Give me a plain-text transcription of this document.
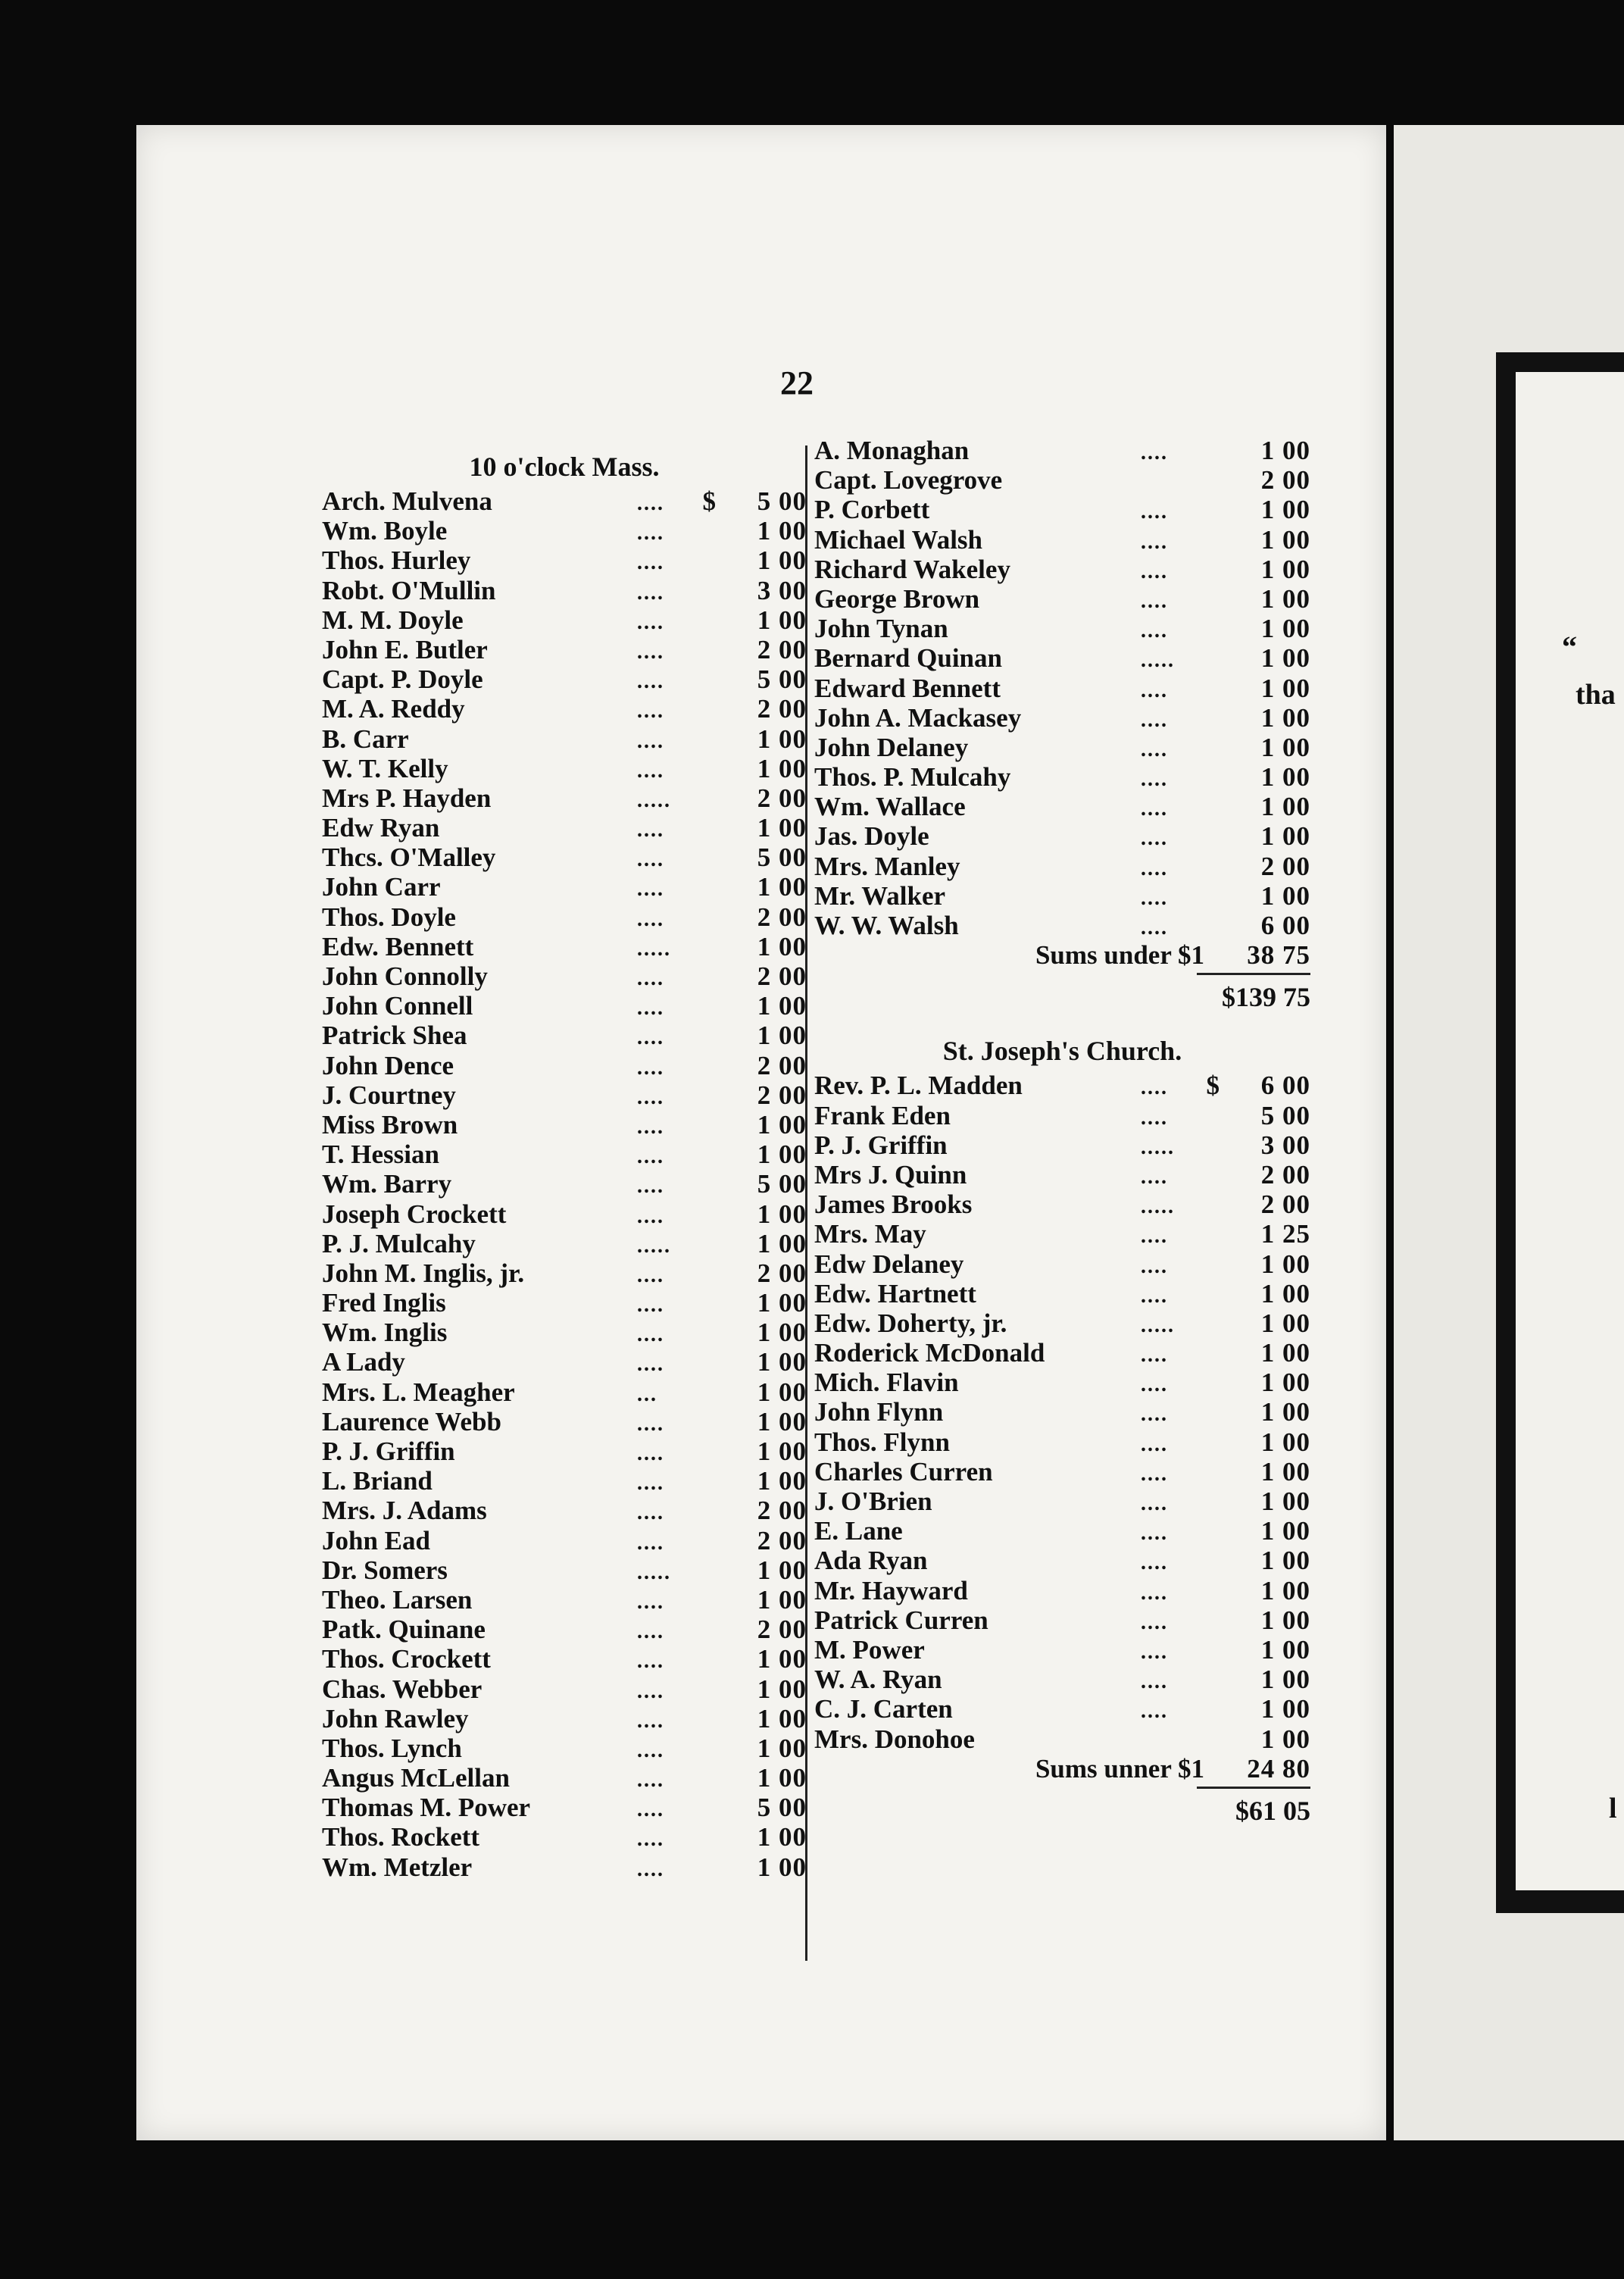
“
tha
l
22
10 o'clock Mass.
Arch. Mulvena	....	$	5 00
Wm. Boyle	....	1 00
Thos. Hurley	....	1 00
Robt. O'Mullin	....	3 00
M. M. Doyle	....	1 00
John E. Butler	....	2 00
Capt. P. Doyle	....	5 00
M. A. Reddy	....	2 00
B. Carr	....	1 00
W. T. Kelly	....	1 00
Mrs P. Hayden	.....	2 00
Edw Ryan	....	1 00
Thcs. O'Malley	....	5 00
John Carr	....	1 00
Thos. Doyle	....	2 00
Edw. Bennett	.....	1 00
John Connolly	....	2 00
John Connell	....	1 00
Patrick Shea	....	1 00
John Dence	....	2 00
J. Courtney	....	2 00
Miss Brown	....	1 00
T. Hessian	....	1 00
Wm. Barry	....	5 00
Joseph Crockett	....	1 00
P. J. Mulcahy	.....	1 00
John M. Inglis, jr.	....	2 00
Fred Inglis	....	1 00
Wm. Inglis	....	1 00
A Lady	....	1 00
Mrs. L. Meagher	...	1 00
Laurence Webb	....	1 00
P. J. Griffin	....	1 00
L. Briand	....	1 00
Mrs. J. Adams	....	2 00
John Ead	....	2 00
Dr. Somers	.....	1 00
Theo. Larsen	....	1 00
Patk. Quinane	....	2 00
Thos. Crockett	....	1 00
Chas. Webber	....	1 00
John Rawley	....	1 00
Thos. Lynch	....	1 00
Angus McLellan	....	1 00
Thomas M. Power	....	5 00
Thos. Rockett	....	1 00
Wm. Metzler	....	1 00
A. Monaghan	....	1 00
Capt. Lovegrove	2 00
P. Corbett	....	1 00
Michael Walsh	....	1 00
Richard Wakeley	....	1 00
George Brown	....	1 00
John Tynan	....	1 00
Bernard Quinan	.....	1 00
Edward Bennett	....	1 00
John A. Mackasey	....	1 00
John Delaney	....	1 00
Thos. P. Mulcahy	....	1 00
Wm. Wallace	....	1 00
Jas. Doyle	....	1 00
Mrs. Manley	....	2 00
Mr. Walker	....	1 00
W. W. Walsh	....	6 00
Sums under $1	38 75
$139 75
St. Joseph's Church.
Rev. P. L. Madden	....	$	6 00
Frank Eden	....	5 00
P. J. Griffin	.....	3 00
Mrs J. Quinn	....	2 00
James Brooks	.....	2 00
Mrs. May	....	1 25
Edw Delaney	....	1 00
Edw. Hartnett	....	1 00
Edw. Doherty, jr.	.....	1 00
Roderick McDonald	....	1 00
Mich. Flavin	....	1 00
John Flynn	....	1 00
Thos. Flynn	....	1 00
Charles Curren	....	1 00
J. O'Brien	....	1 00
E. Lane	....	1 00
Ada Ryan	....	1 00
Mr. Hayward	....	1 00
Patrick Curren	....	1 00
M. Power	....	1 00
W. A. Ryan	....	1 00
C. J. Carten	....	1 00
Mrs. Donohoe	1 00
Sums unner $1	24 80
$61 05
